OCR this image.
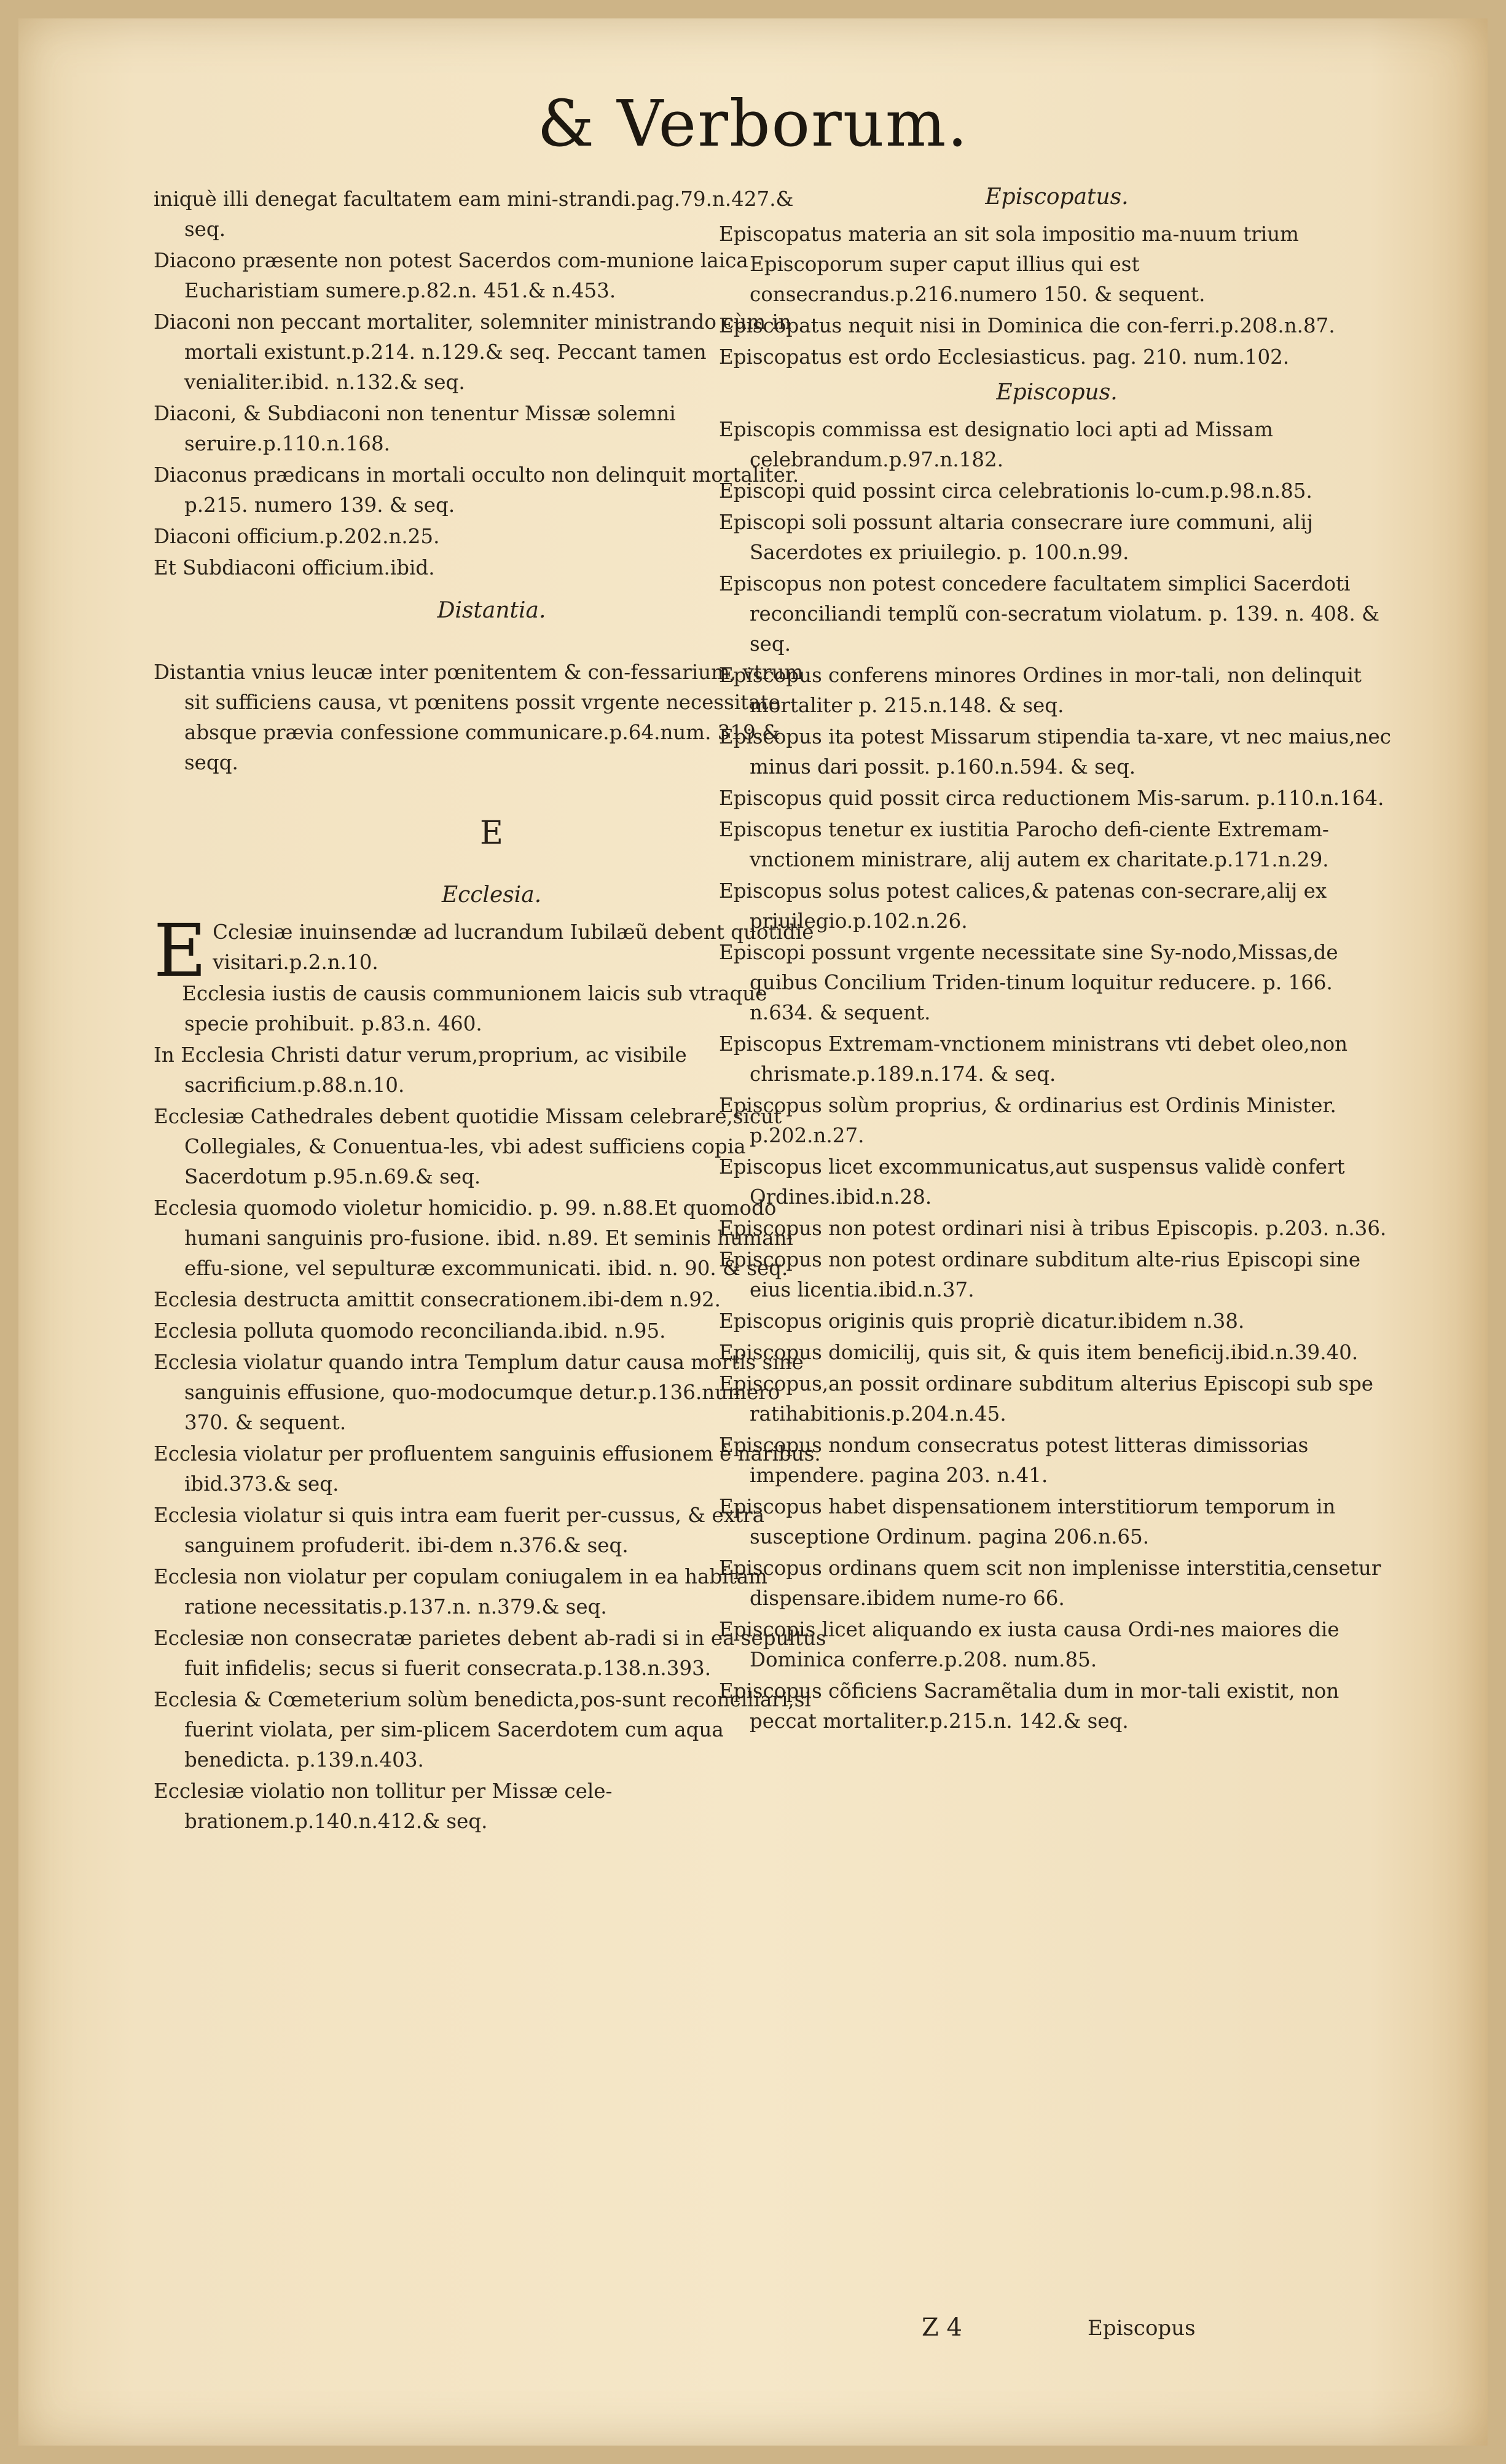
& Verborum.

iniquè illi denegat facultatem eam mini-strandi.pag.79.n.427.& seq.

Diacono præsente non potest Sacerdos com-munione laica Eucharistiam sumere.p.82.n. 451.& n.453.

Diaconi non peccant mortaliter, solemniter ministrando cùm in mortali existunt.p.214. n.129.& seq. Peccant tamen venialiter.ibid. n.132.& seq.

Diaconi, & Subdiaconi non tenentur Missæ solemni seruire.p.110.n.168.

Diaconus prædicans in mortali occulto non delinquit mortaliter. p.215. numero 139. & seq.

Diaconi officium.p.202.n.25.

Et Subdiaconi officium.ibid.

Distantia.

Distantia vnius leucæ inter pœnitentem & con-fessarium, vtrum sit sufficiens causa, vt pœnitens possit vrgente necessitate absque prævia confessione communicare.p.64.num. 319.& seqq.

E
Ecclesia.

E Cclesiæ inuinsendæ ad lucrandum Iubilæũ debent quotidie visitari.p.2.n.10.

Ecclesia iustis de causis communionem laicis sub vtraque specie prohibuit. p.83.n. 460.

In Ecclesia Christi datur verum,proprium, ac visibile sacrificium.p.88.n.10.

Ecclesiæ Cathedrales debent quotidie Missam celebrare,sicut Collegiales, & Conuentua-les, vbi adest sufficiens copia Sacerdotum p.95.n.69.& seq.

Ecclesia quomodo violetur homicidio. p. 99. n.88.Et quomodo humani sanguinis pro-fusione. ibid. n.89. Et seminis humani effu-sione, vel sepulturæ excommunicati. ibid. n. 90. & seq.

Ecclesia destructa amittit consecrationem.ibi-dem n.92.

Ecclesia polluta quomodo reconcilianda.ibid. n.95.

Ecclesia violatur quando intra Templum datur causa mortis sine sanguinis effusione, quo-modocumque detur.p.136.numero 370. & sequent.

Ecclesia violatur per profluentem sanguinis effusionem è naribus. ibid.373.& seq.

Ecclesia violatur si quis intra eam fuerit per-cussus, & extra sanguinem profuderit. ibi-dem n.376.& seq.

Ecclesia non violatur per copulam coniugalem in ea habitam ratione necessitatis.p.137.n. n.379.& seq.

Ecclesiæ non consecratæ parietes debent ab-radi si in ea sepultus fuit infidelis; secus si fuerit consecrata.p.138.n.393.

Ecclesia & Cœmeterium solùm benedicta,pos-sunt reconciliari,si fuerint violata, per sim-plicem Sacerdotem cum aqua benedicta. p.139.n.403.

Ecclesiæ violatio non tollitur per Missæ cele-brationem.p.140.n.412.& seq.

Episcopatus.

Episcopatus materia an sit sola impositio ma-nuum trium Episcoporum super caput illius qui est consecrandus.p.216.numero 150. & sequent.

Episcopatus nequit nisi in Dominica die con-ferri.p.208.n.87.

Episcopatus est ordo Ecclesiasticus. pag. 210. num.102.

Episcopus.

Episcopis commissa est designatio loci apti ad Missam celebrandum.p.97.n.182.

Episcopi quid possint circa celebrationis lo-cum.p.98.n.85.

Episcopi soli possunt altaria consecrare iure communi, alij Sacerdotes ex priuilegio. p. 100.n.99.

Episcopus non potest concedere facultatem simplici Sacerdoti reconciliandi templũ con-secratum violatum. p. 139. n. 408. & seq.

Episcopus conferens minores Ordines in mor-tali, non delinquit mortaliter p. 215.n.148. & seq.

Episcopus ita potest Missarum stipendia ta-xare, vt nec maius,nec minus dari possit. p.160.n.594. & seq.

Episcopus quid possit circa reductionem Mis-sarum. p.110.n.164.

Episcopus tenetur ex iustitia Parocho defi-ciente Extremam-vnctionem ministrare, alij autem ex charitate.p.171.n.29.

Episcopus solus potest calices,& patenas con-secrare,alij ex priuilegio.p.102.n.26.

Episcopi possunt vrgente necessitate sine Sy-nodo,Missas,de quibus Concilium Triden-tinum loquitur reducere. p. 166. n.634. & sequent.

Episcopus Extremam-vnctionem ministrans vti debet oleo,non chrismate.p.189.n.174. & seq.

Episcopus solùm proprius, & ordinarius est Ordinis Minister. p.202.n.27.

Episcopus licet excommunicatus,aut suspensus validè confert Ordines.ibid.n.28.

Episcopus non potest ordinari nisi à tribus Episcopis. p.203. n.36.

Episcopus non potest ordinare subditum alte-rius Episcopi sine eius licentia.ibid.n.37.

Episcopus originis quis propriè dicatur.ibidem n.38.

Episcopus domicilij, quis sit, & quis item beneficij.ibid.n.39.40.

Episcopus,an possit ordinare subditum alterius Episcopi sub spe ratihabitionis.p.204.n.45.

Episcopus nondum consecratus potest litteras dimissorias impendere. pagina 203. n.41.

Episcopus habet dispensationem interstitiorum temporum in susceptione Ordinum. pagina 206.n.65.

Episcopus ordinans quem scit non implenisse interstitia,censetur dispensare.ibidem nume-ro 66.

Episcopis licet aliquando ex iusta causa Ordi-nes maiores die Dominica conferre.p.208. num.85.

Episcopus cõficiens Sacramẽtalia dum in mor-tali existit, non peccat mortaliter.p.215.n. 142.& seq.

Z 4	Episcopus
